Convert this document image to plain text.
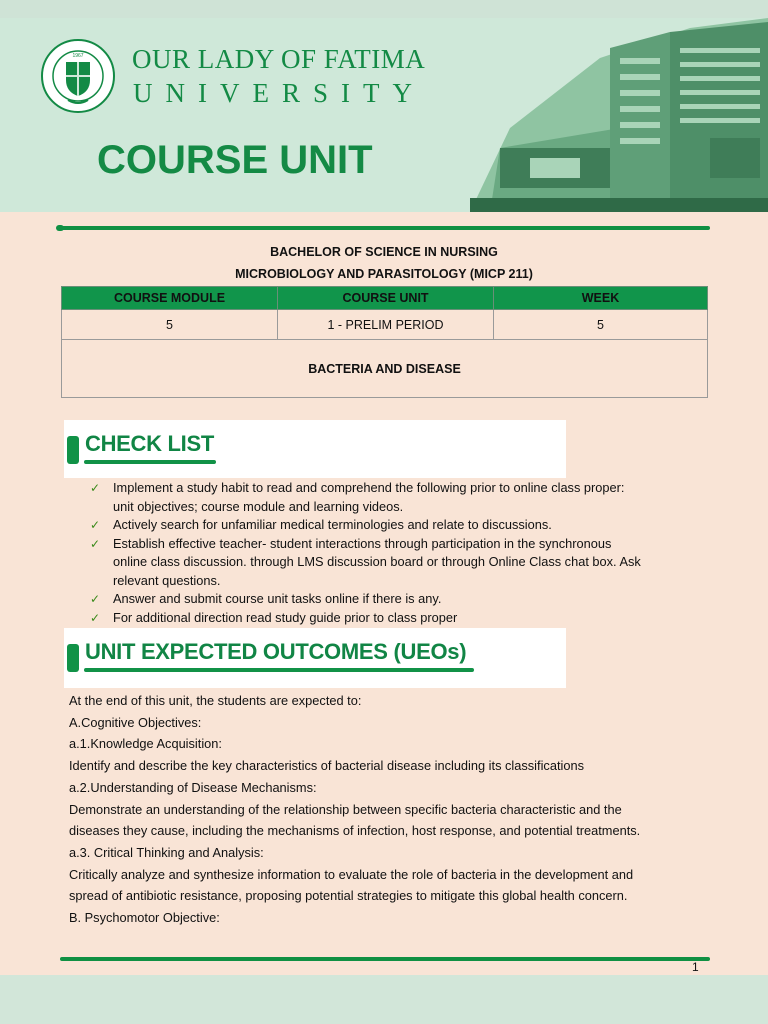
1967 OUR LADY OF FATIMA
UNIVERSITY
COURSE UNIT
BACHELOR OF SCIENCE IN NURSING
MICROBIOLOGY AND PARASITOLOGY (MICP 211)
COURSE MODULE	COURSE UNIT	WEEK
5	1 - PRELIM PERIOD	5
BACTERIA AND DISEASE		
CHECK LIST
✓ Implement a study habit to read and comprehend the following prior to online class proper:
unit objectives; course module and learning videos.
✓ Actively search for unfamiliar medical terminologies and relate to discussions.
✓ Establish effective teacher- student interactions through participation in the synchronous
online class discussion. through LMS discussion board or through Online Class chat box. Ask
relevant questions.
✓ Answer and submit course unit tasks online if there is any.
✓ For additional direction read study guide prior to class proper
UNIT EXPECTED OUTCOMES (UEOs)
At the end of this unit, the students are expected to:
A.Cognitive Objectives:
a.1.Knowledge Acquisition:
Identify and describe the key characteristics of bacterial disease including its classifications
a.2.Understanding of Disease Mechanisms:
Demonstrate an understanding of the relationship between specific bacteria characteristic and the
diseases they cause, including the mechanisms of infection, host response, and potential treatments.
a.3. Critical Thinking and Analysis:
Critically analyze and synthesize information to evaluate the role of bacteria in the development and
spread of antibiotic resistance, proposing potential strategies to mitigate this global health concern.
B. Psychomotor Objective:
1
